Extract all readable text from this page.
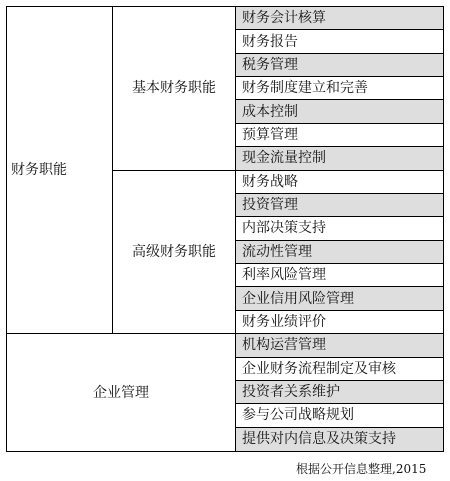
财务职能
基本财务职能
高级财务职能
企业管理
财务会计核算
财务报告
税务管理
财务制度建立和完善
成本控制
预算管理
现金流量控制
财务战略
投资管理
内部决策支持
流动性管理
利率风险管理
企业信用风险管理
财务业绩评价
机构运营管理
企业财务流程制定及审核
投资者关系维护
参与公司战略规划
提供对内信息及决策支持
根据公开信息整理,2015
